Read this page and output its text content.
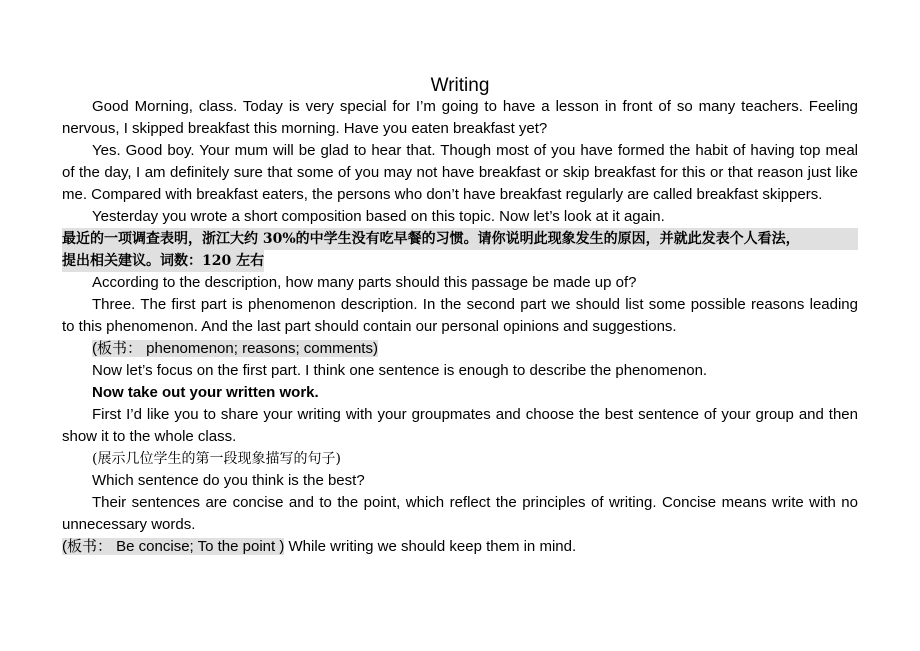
Writing

Good Morning, class. Today is very special for I’m going to have a lesson in front of so many teachers. Feeling

nervous, I skipped breakfast this morning. Have you eaten breakfast yet?

Yes. Good boy. Your mum will be glad to hear that. Though most of you have formed the habit of having top meal

of the day, I am definitely sure that some of you may not have breakfast or skip breakfast for this or that reason just like

me. Compared with breakfast eaters, the persons who don’t have breakfast regularly are called breakfast skippers.

Yesterday you wrote a short composition based on this topic. Now let’s look at it again.

最近的一项调查表明，浙江大约 30%的中学生没有吃早餐的习惯。请你说明此现象发生的原因，并就此发表个人看法，

提出相关建议。词数：120 左右

According to the description, how many parts should this passage be made up of?

Three. The first part is phenomenon description. In the second part we should list some possible reasons leading

to this phenomenon. And the last part should contain our personal opinions and suggestions.

(板书： phenomenon; reasons; comments)

Now let’s focus on the first part. I think one sentence is enough to describe the phenomenon.

Now take out your written work.

First I’d like you to share your writing with your groupmates and choose the best sentence of your group and then

show it to the whole class.

(展示几位学生的第一段现象描写的句子)

Which sentence do you think is the best?

Their sentences are concise and to the point, which reflect the principles of writing. Concise means write with no

unnecessary words.

(板书： Be concise; To the point ) While writing we should keep them in mind.
